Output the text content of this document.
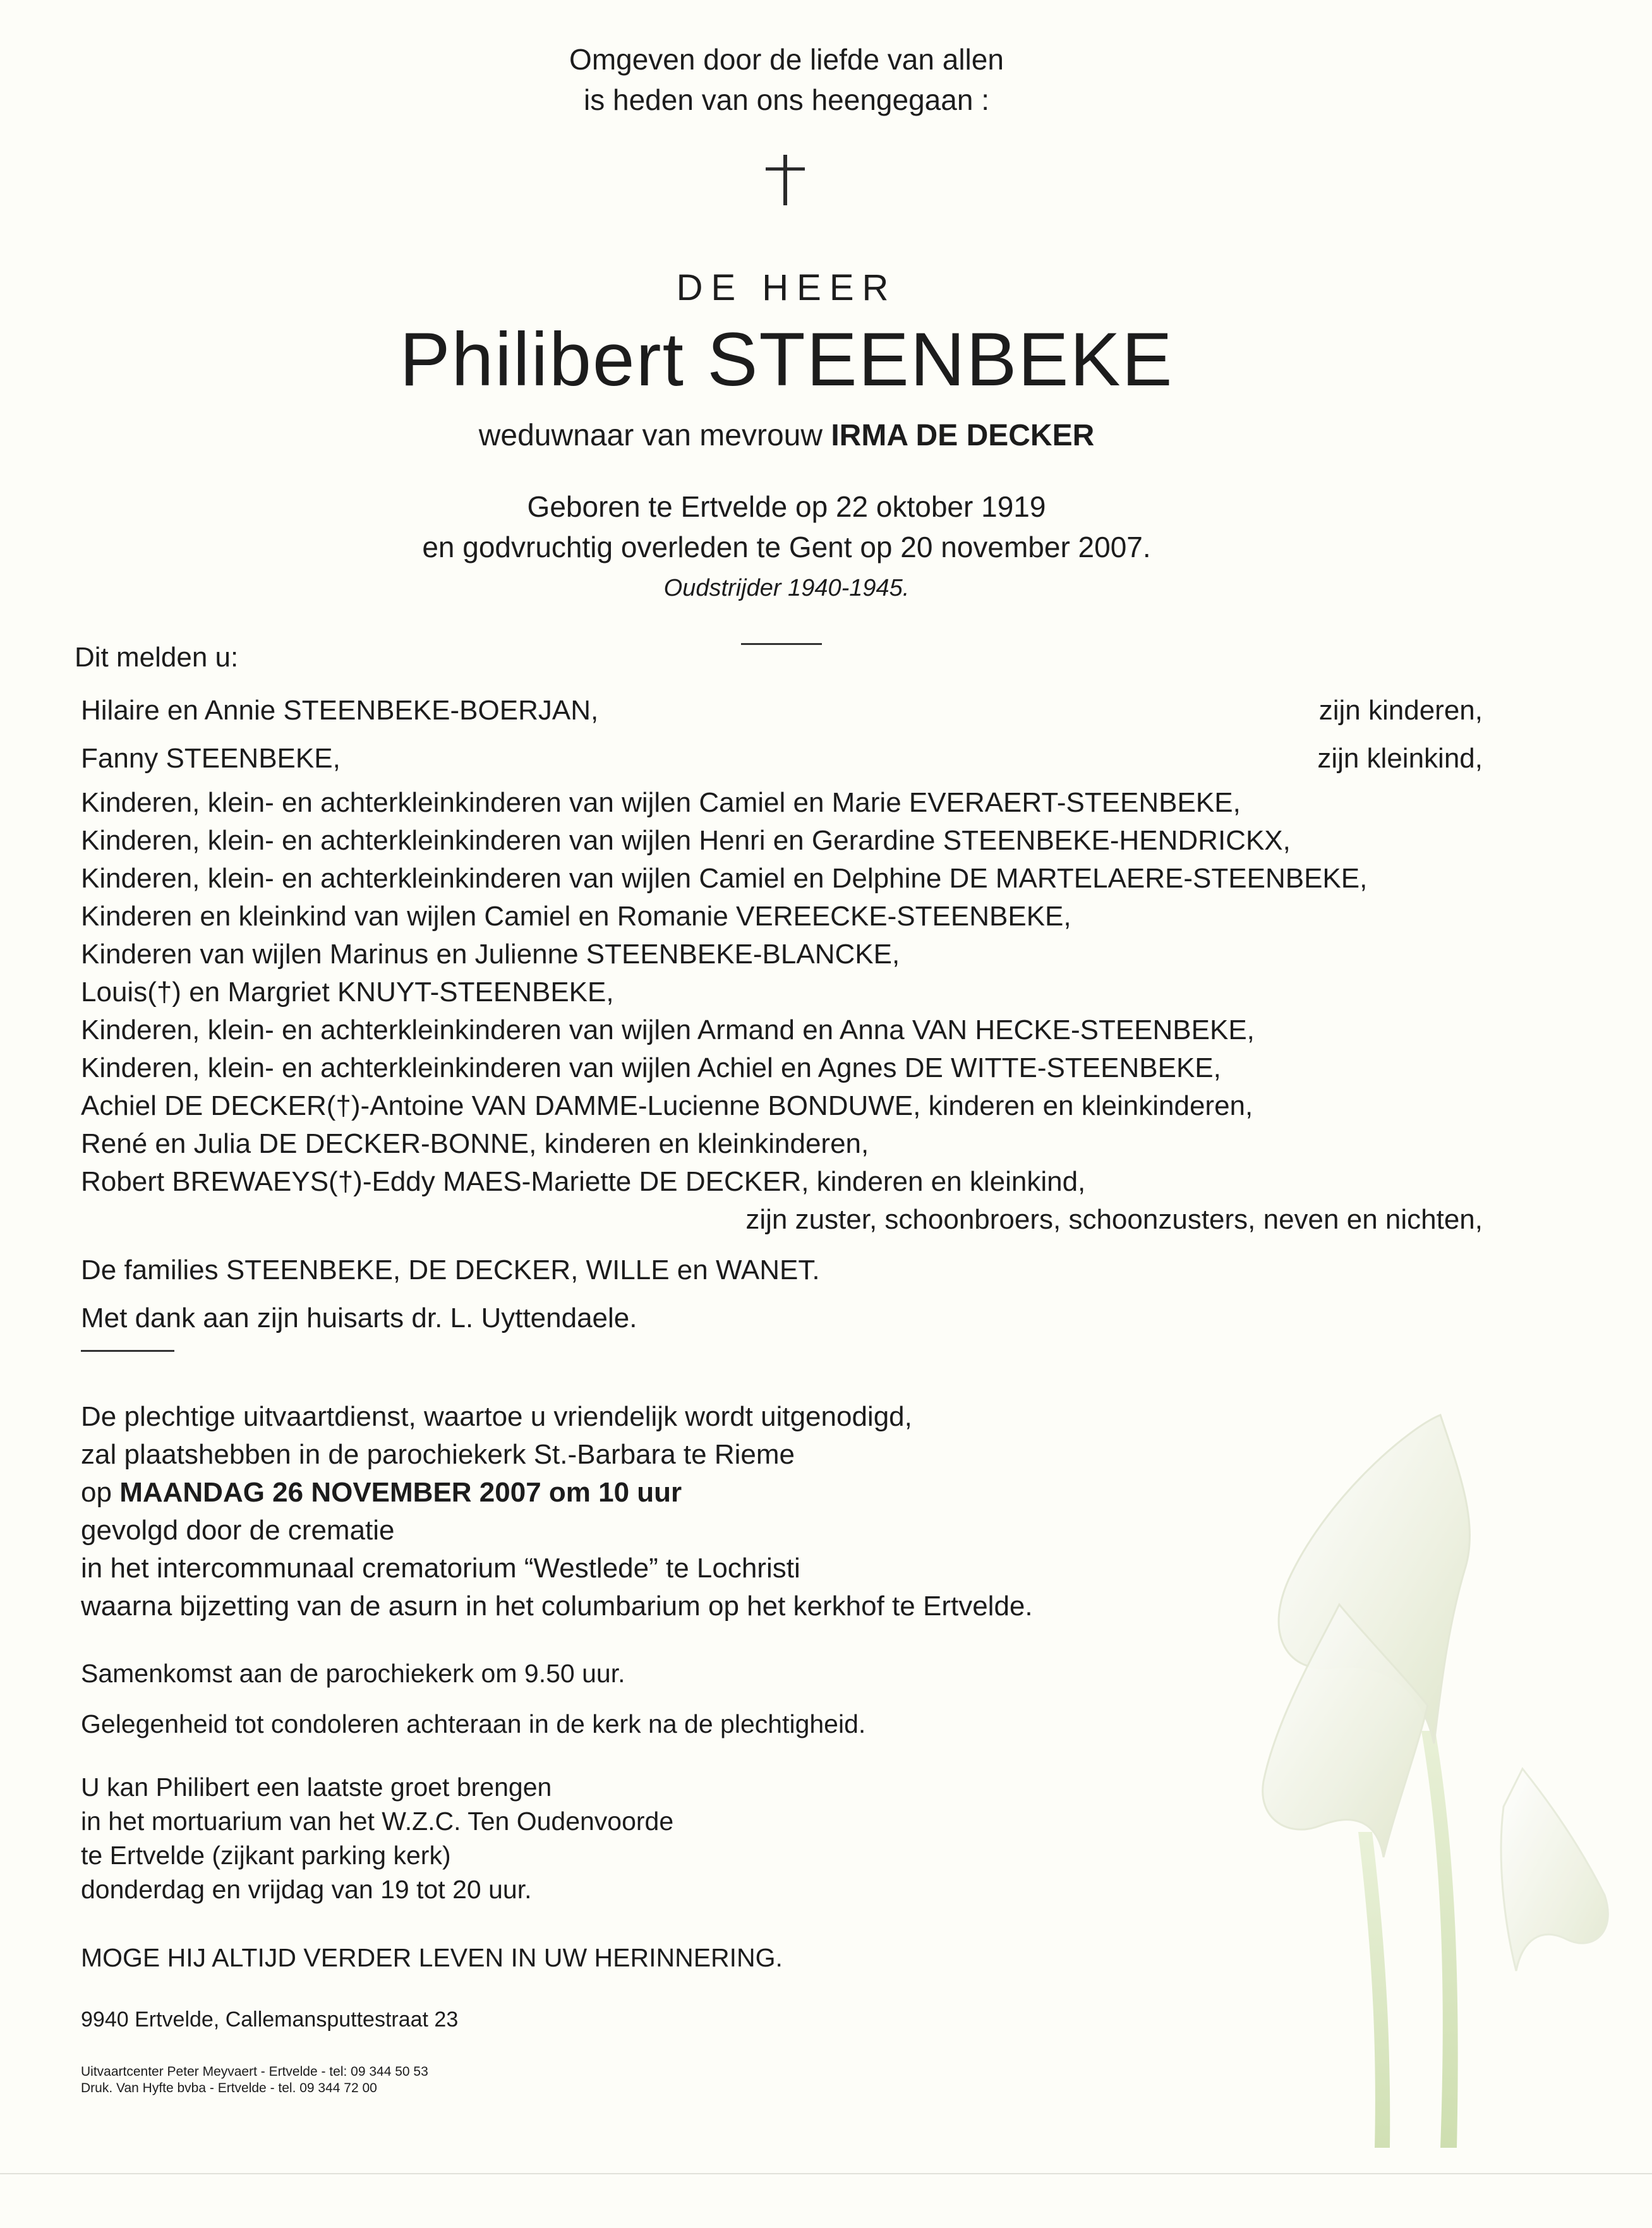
Omgeven door de liefde van allen
is heden van ons heengegaan :
DE HEER
Philibert STEENBEKE
weduwnaar van mevrouw IRMA DE DECKER
Geboren te Ertvelde op 22 oktober 1919
en godvruchtig overleden te Gent op 20 november 2007.
Oudstrijder 1940-1945.
Dit melden u:
Hilaire en Annie STEENBEKE-BOERJAN,	zijn kinderen,
Fanny STEENBEKE,	zijn kleinkind,
Kinderen, klein- en achterkleinkinderen van wijlen Camiel en Marie EVERAERT-STEENBEKE,
Kinderen, klein- en achterkleinkinderen van wijlen Henri en Gerardine STEENBEKE-HENDRICKX,
Kinderen, klein- en achterkleinkinderen van wijlen Camiel en Delphine DE MARTELAERE-STEENBEKE,
Kinderen en kleinkind van wijlen Camiel en Romanie VEREECKE-STEENBEKE,
Kinderen van wijlen Marinus en Julienne STEENBEKE-BLANCKE,
Louis(†) en Margriet KNUYT-STEENBEKE,
Kinderen, klein- en achterkleinkinderen van wijlen Armand en Anna VAN HECKE-STEENBEKE,
Kinderen, klein- en achterkleinkinderen van wijlen Achiel en Agnes DE WITTE-STEENBEKE,
Achiel DE DECKER(†)-Antoine VAN DAMME-Lucienne BONDUWE, kinderen en kleinkinderen,
René en Julia DE DECKER-BONNE, kinderen en kleinkinderen,
Robert BREWAEYS(†)-Eddy MAES-Mariette DE DECKER, kinderen en kleinkind,
zijn zuster, schoonbroers, schoonzusters, neven en nichten,
De families STEENBEKE, DE DECKER, WILLE en WANET.
Met dank aan zijn huisarts dr. L. Uyttendaele.
De plechtige uitvaartdienst, waartoe u vriendelijk wordt uitgenodigd,
zal plaatshebben in de parochiekerk St.-Barbara te Rieme
op MAANDAG 26 NOVEMBER 2007 om 10 uur
gevolgd door de crematie
in het intercommunaal crematorium “Westlede” te Lochristi
waarna bijzetting van de asurn in het columbarium op het kerkhof te Ertvelde.
Samenkomst aan de parochiekerk om 9.50 uur.
Gelegenheid tot condoleren achteraan in de kerk na de plechtigheid.
U kan Philibert een laatste groet brengen
in het mortuarium van het W.Z.C. Ten Oudenvoorde
te Ertvelde (zijkant parking kerk)
donderdag en vrijdag van 19 tot 20 uur.
MOGE HIJ ALTIJD VERDER LEVEN IN UW HERINNERING.
9940 Ertvelde, Callemansputtestraat 23
Uitvaartcenter Peter Meyvaert - Ertvelde - tel: 09 344 50 53
Druk. Van Hyfte bvba - Ertvelde - tel. 09 344 72 00
